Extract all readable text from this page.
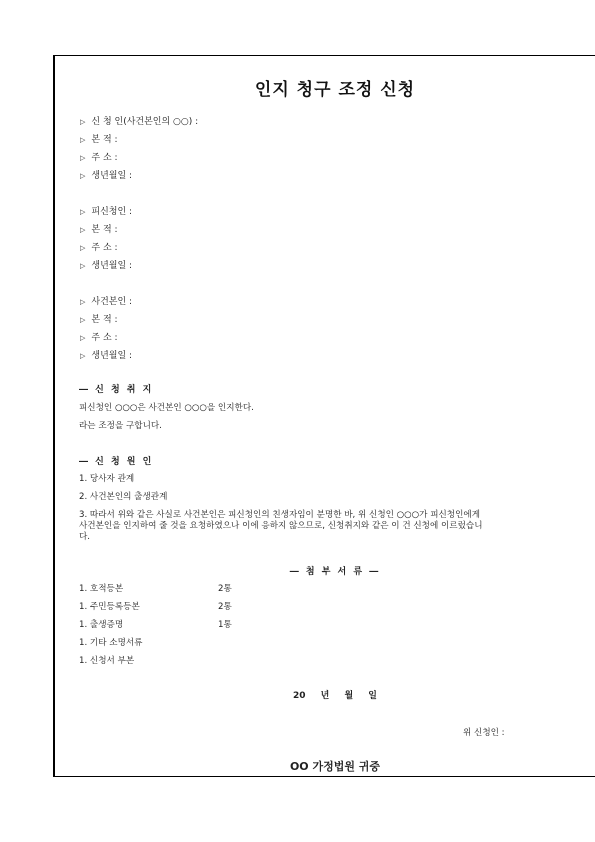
인지 청구 조정 신청
▷ 신 청 인(사건본인의 ○○) :
▷ 본 적 :
▷ 주 소 :
▷ 생년월일 :
▷ 피신청인 :
▷ 본 적 :
▷ 주 소 :
▷ 생년월일 :
▷ 사건본인 :
▷ 본 적 :
▷ 주 소 :
▷ 생년월일 :
― 신 청 취 지
피신청인 ○○○은 사건본인 ○○○을 인지한다.
라는 조정을 구합니다.
― 신 청 원 인
1. 당사자 관계
2. 사건본인의 출생관계
3. 따라서 위와 같은 사실로 사건본인은 피신청인의 친생자임이 분명한 바, 위 신청인 ○○○가 피신청인에게
사건본인을 인지하여 줄 것을 요청하였으나 이에 응하지 않으므로, 신청취지와 같은 이 건 신청에 이르렀습니
다.
― 첨 부 서 류 ―
1. 호적등본	2통
1. 주민등록등본	2통
1. 출생증명	1통
1. 기타 소명서류
1. 신청서 부본
20 년 월 일
위 신청인 :
OO 가정법원 귀중
